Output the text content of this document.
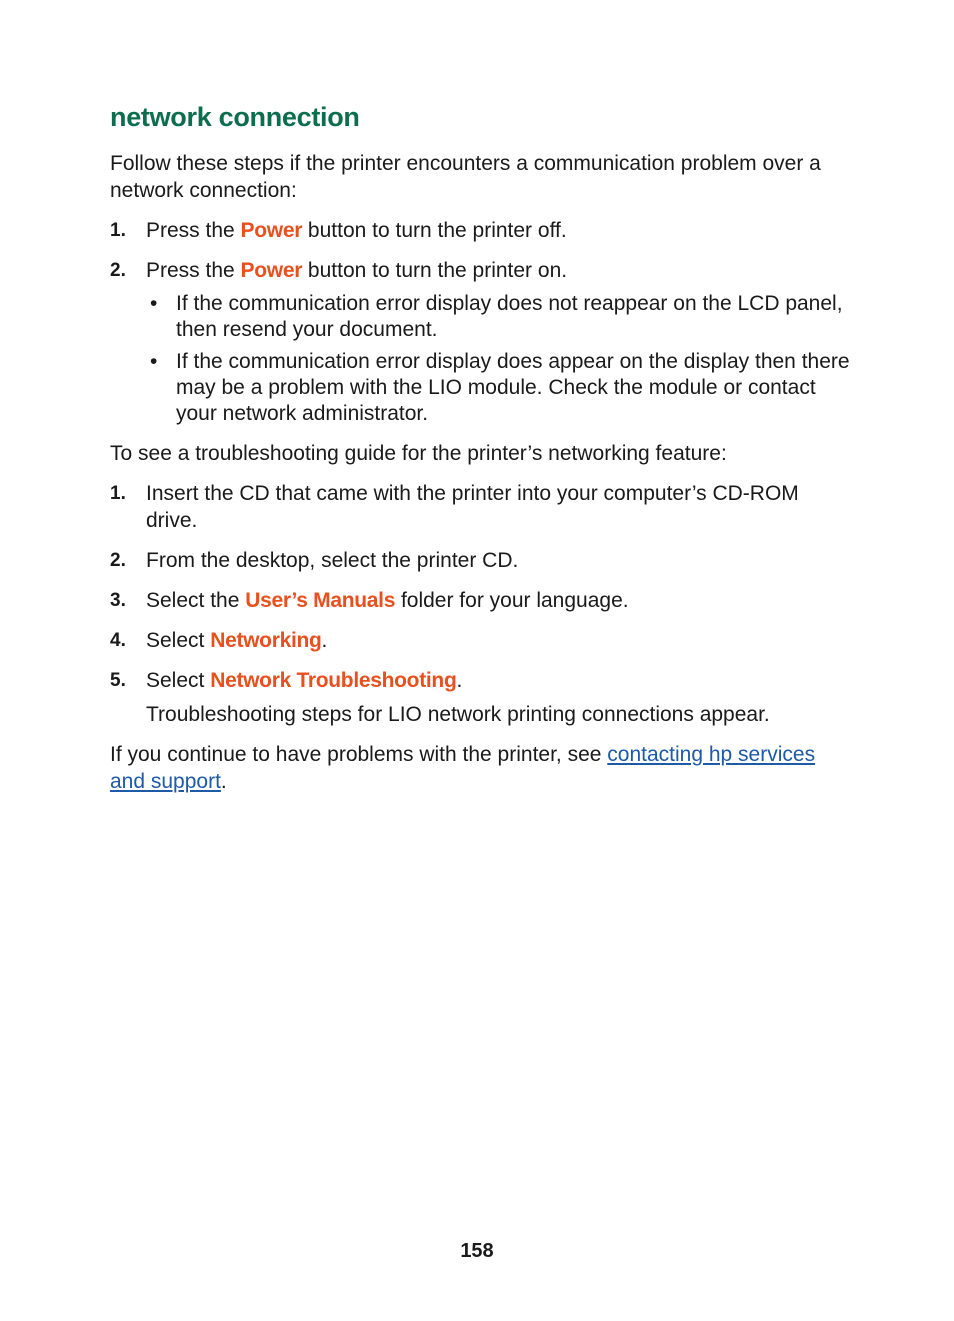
network connection

Follow these steps if the printer encounters a communication problem over a network connection:

1. Press the Power button to turn the printer off.
2. Press the Power button to turn the printer on.
• If the communication error display does not reappear on the LCD panel, then resend your document.
• If the communication error display does appear on the display then there may be a problem with the LIO module. Check the module or contact your network administrator.

To see a troubleshooting guide for the printer’s networking feature:

1. Insert the CD that came with the printer into your computer’s CD-ROM drive.
2. From the desktop, select the printer CD.
3. Select the User’s Manuals folder for your language.
4. Select Networking.
5. Select Network Troubleshooting.

Troubleshooting steps for LIO network printing connections appear.

If you continue to have problems with the printer, see contacting hp services and support.

158
